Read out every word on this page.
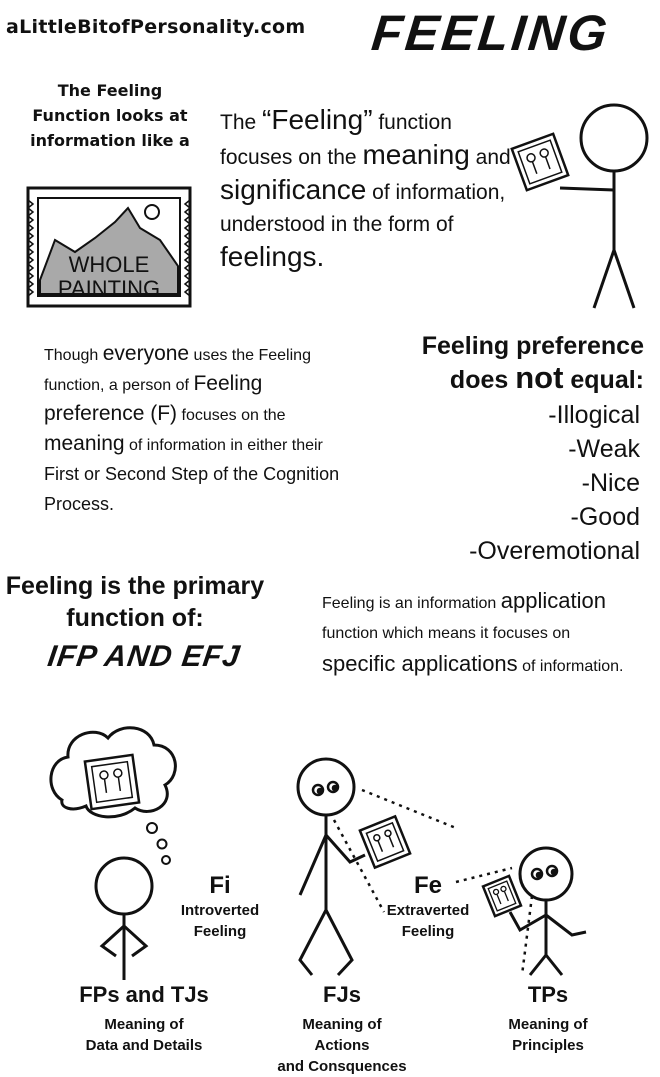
aLittleBitofPersonality.com FEELING
The Feeling Function looks at information like a
WHOLE
PAINTING
The “Feeling” function focuses on the meaning and significance of information, understood in the form of feelings.
Though everyone uses the Feeling function, a person of Feeling preference (F) focuses on the meaning of information in either their First or Second Step of the Cognition Process.
Feeling preference
does not equal:
-Illogical
-Weak
-Nice
-Good
-Overemotional
Feeling is the primary function of:
IFP AND EFJ
Feeling is an information application function which means it focuses on specific applications of information.
Fi
Introverted
Feeling
Fe
Extraverted
Feeling
FPs and TJs
Meaning of
Data and Details
FJs
Meaning of
Actions
and Consquences
TPs
Meaning of
Principles
